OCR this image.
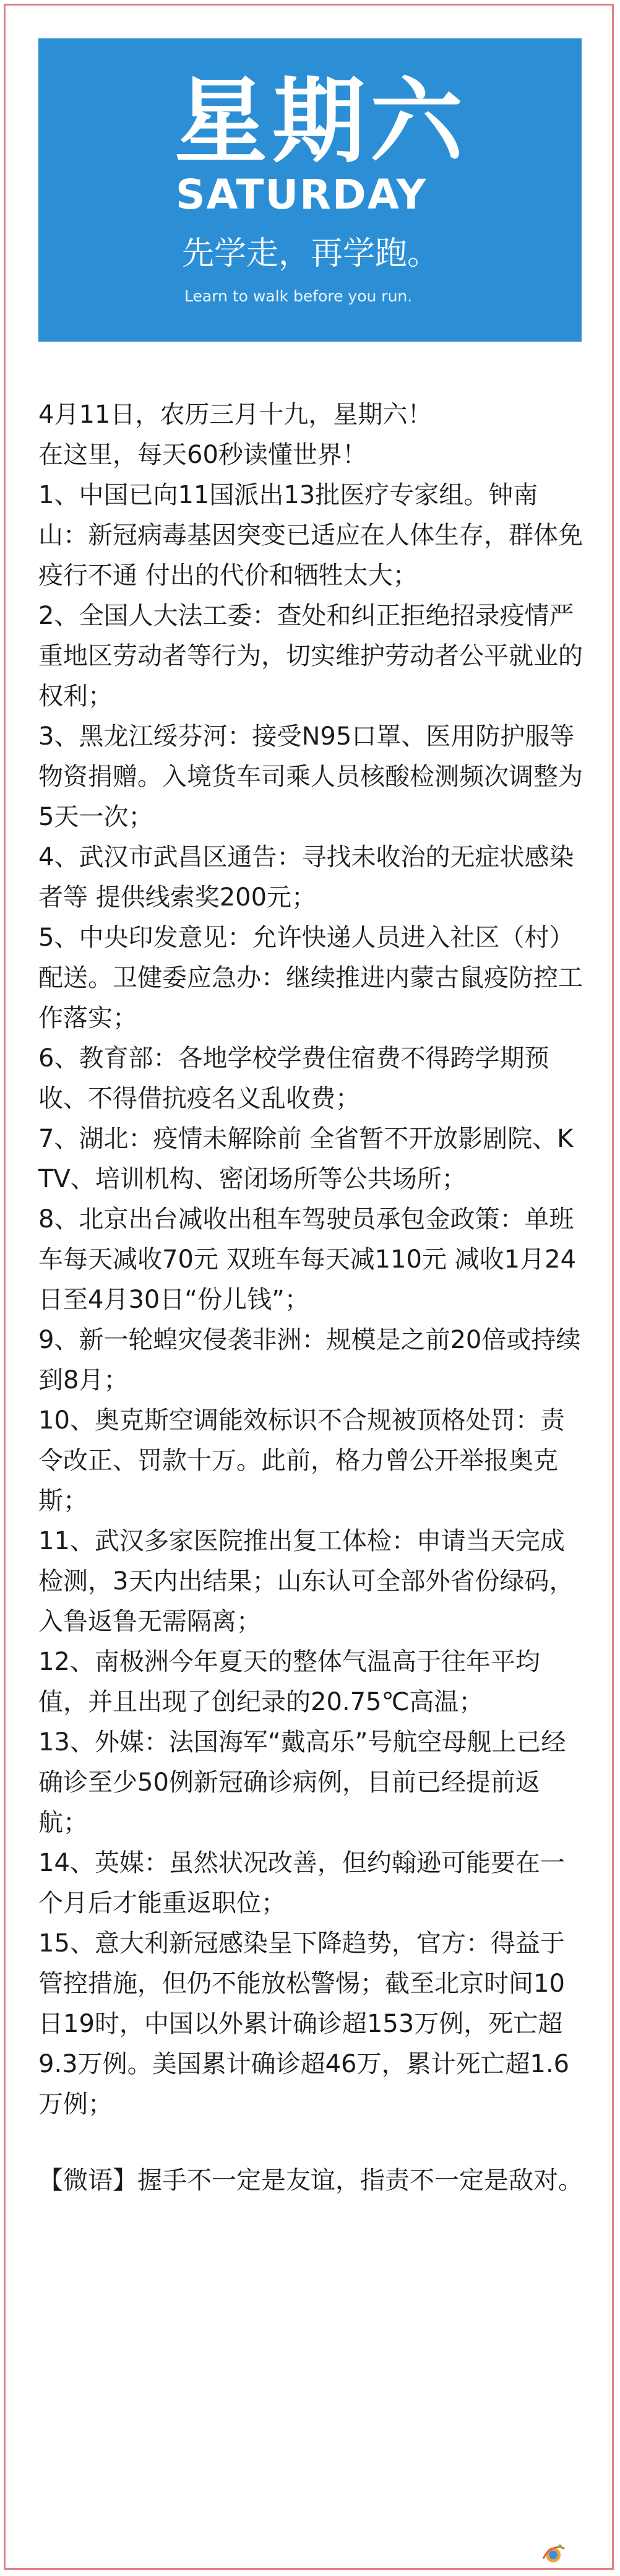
星期六
SATURDAY
先学走，再学跑。
Learn to walk before you run.

4月11日，农历三月十九，星期六！

在这里，每天60秒读懂世界！

1、中国已向11国派出13批医疗专家组。钟南山：新冠病毒基因突变已适应在人体生存，群体免疫行不通 付出的代价和牺牲太大；

2、全国人大法工委：查处和纠正拒绝招录疫情严重地区劳动者等行为，切实维护劳动者公平就业的权利；

3、黑龙江绥芬河：接受N95口罩、医用防护服等物资捐赠。入境货车司乘人员核酸检测频次调整为5天一次；

4、武汉市武昌区通告：寻找未收治的无症状感染者等 提供线索奖200元；

5、中央印发意见：允许快递人员进入社区（村）配送。卫健委应急办：继续推进内蒙古鼠疫防控工作落实；

6、教育部：各地学校学费住宿费不得跨学期预收、不得借抗疫名义乱收费；

7、湖北：疫情未解除前 全省暂不开放影剧院、KTV、培训机构、密闭场所等公共场所；

8、北京出台减收出租车驾驶员承包金政策：单班车每天减收70元 双班车每天减110元 减收1月24日至4月30日“份儿钱”；

9、新一轮蝗灾侵袭非洲：规模是之前20倍或持续到8月；

10、奥克斯空调能效标识不合规被顶格处罚：责令改正、罚款十万。此前，格力曾公开举报奥克斯；

11、武汉多家医院推出复工体检：申请当天完成检测，3天内出结果；山东认可全部外省份绿码，入鲁返鲁无需隔离；

12、南极洲今年夏天的整体气温高于往年平均值，并且出现了创纪录的20.75℃高温；

13、外媒：法国海军“戴高乐”号航空母舰上已经确诊至少50例新冠确诊病例，目前已经提前返航；

14、英媒：虽然状况改善，但约翰逊可能要在一个月后才能重返职位；

15、意大利新冠感染呈下降趋势，官方：得益于管控措施，但仍不能放松警惕；截至北京时间10日19时，中国以外累计确诊超153万例，死亡超9.3万例。美国累计确诊超46万，累计死亡超1.6万例；

【微语】握手不一定是友谊，指责不一定是敌对。
